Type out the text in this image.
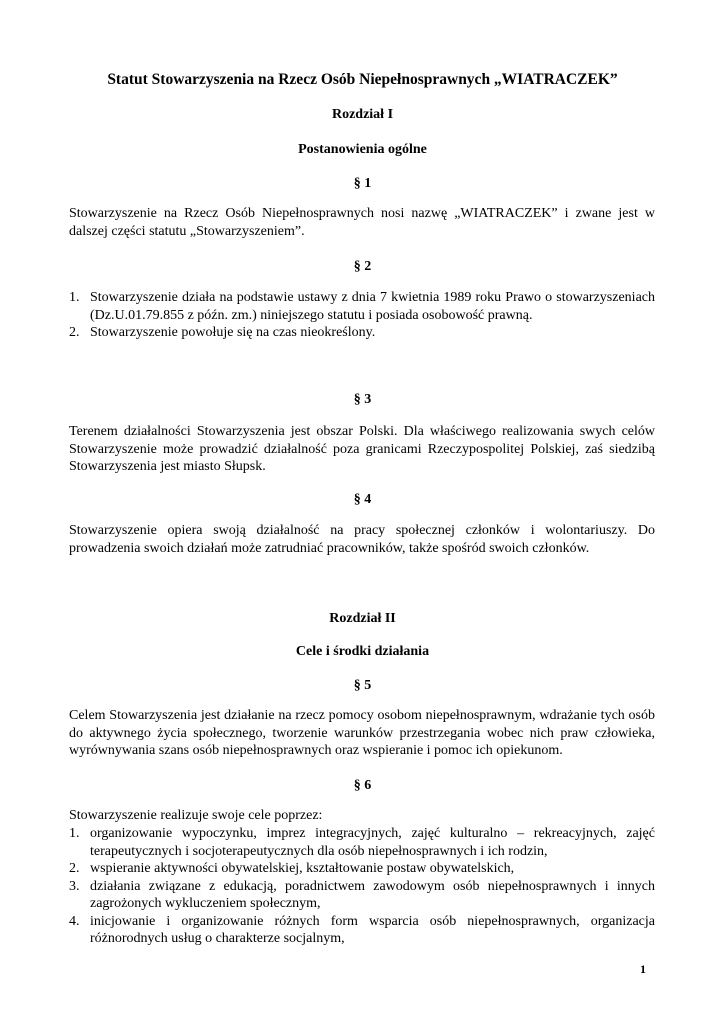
Statut Stowarzyszenia na Rzecz Osób Niepełnosprawnych „WIATRACZEK”
Rozdział I
Postanowienia ogólne
§ 1
Stowarzyszenie na Rzecz Osób Niepełnosprawnych nosi nazwę „WIATRACZEK” i zwane jest w dalszej części statutu „Stowarzyszeniem”.
§ 2
1. Stowarzyszenie działa na podstawie ustawy z dnia 7 kwietnia 1989 roku Prawo o stowarzyszeniach (Dz.U.01.79.855 z późn. zm.) niniejszego statutu i posiada osobowość prawną.
2. Stowarzyszenie powołuje się na czas nieokreślony.
§ 3
Terenem działalności Stowarzyszenia jest obszar Polski. Dla właściwego realizowania swych celów Stowarzyszenie może prowadzić działalność poza granicami Rzeczypospolitej Polskiej, zaś siedzibą Stowarzyszenia jest miasto Słupsk.
§ 4
Stowarzyszenie opiera swoją działalność na pracy społecznej członków i wolontariuszy. Do prowadzenia swoich działań może zatrudniać pracowników, także spośród swoich członków.
Rozdział II
Cele i środki działania
§ 5
Celem Stowarzyszenia jest działanie na rzecz pomocy osobom niepełnosprawnym, wdrażanie tych osób do aktywnego życia społecznego, tworzenie warunków przestrzegania wobec nich praw człowieka, wyrównywania szans osób niepełnosprawnych oraz wspieranie i pomoc ich opiekunom.
§ 6
Stowarzyszenie realizuje swoje cele poprzez:
1. organizowanie wypoczynku, imprez integracyjnych, zajęć kulturalno – rekreacyjnych, zajęć terapeutycznych i socjoterapeutycznych dla osób niepełnosprawnych i ich rodzin,
2. wspieranie aktywności obywatelskiej, kształtowanie postaw obywatelskich,
3. działania związane z edukacją, poradnictwem zawodowym osób niepełnosprawnych i innych zagrożonych wykluczeniem społecznym,
4. inicjowanie i organizowanie różnych form wsparcia osób niepełnosprawnych, organizacja różnorodnych usług o charakterze socjalnym,
1
